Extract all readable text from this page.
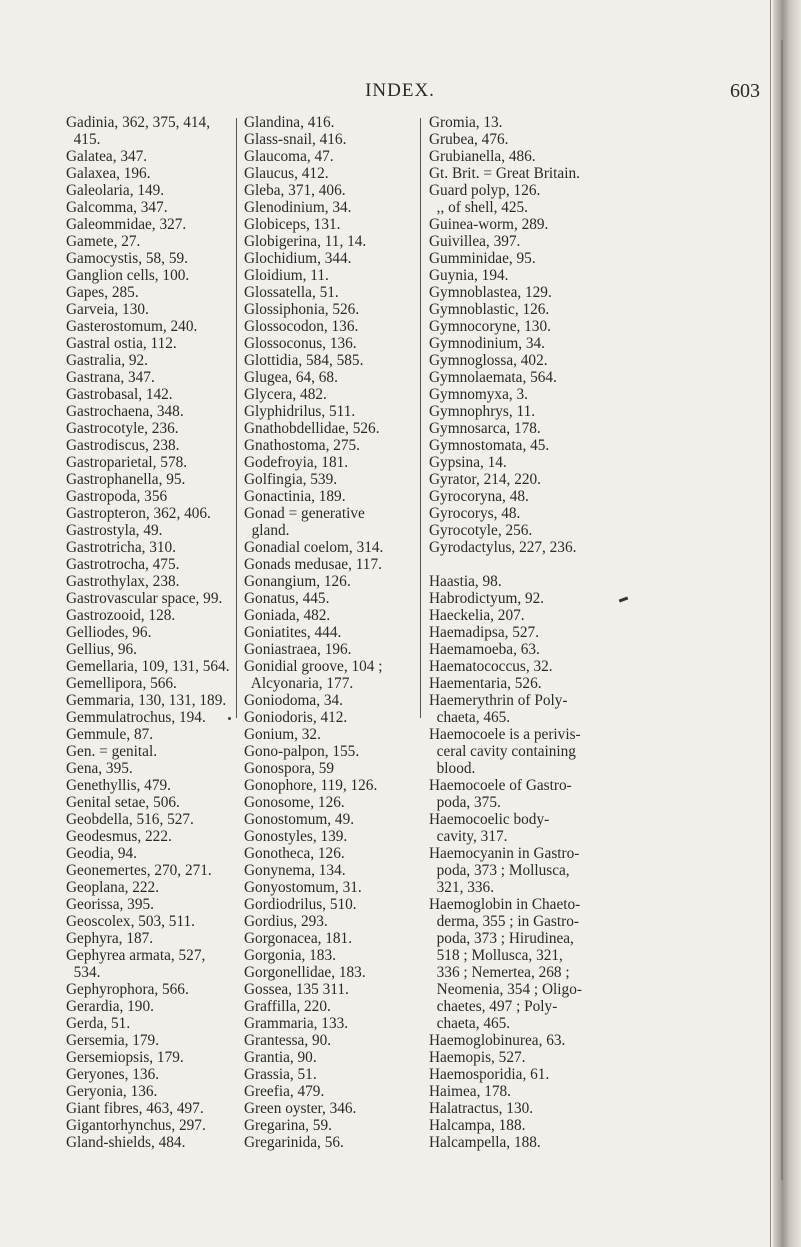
INDEX.	603
Gadinia, 362, 375, 414,
415.
Galatea, 347.
Galaxea, 196.
Galeolaria, 149.
Galcomma, 347.
Galeommidae, 327.
Gamete, 27.
Gamocystis, 58, 59.
Ganglion cells, 100.
Gapes, 285.
Garveia, 130.
Gasterostomum, 240.
Gastral ostia, 112.
Gastralia, 92.
Gastrana, 347.
Gastrobasal, 142.
Gastrochaena, 348.
Gastrocotyle, 236.
Gastrodiscus, 238.
Gastroparietal, 578.
Gastrophanella, 95.
Gastropoda, 356
Gastropteron, 362, 406.
Gastrostyla, 49.
Gastrotricha, 310.
Gastrotrocha, 475.
Gastrothylax, 238.
Gastrovascular space, 99.
Gastrozooid, 128.
Gelliodes, 96.
Gellius, 96.
Gemellaria, 109, 131, 564.
Gemellipora, 566.
Gemmaria, 130, 131, 189.
Gemmulatrochus, 194.
Gemmule, 87.
Gen. = genital.
Gena, 395.
Genethyllis, 479.
Genital setae, 506.
Geobdella, 516, 527.
Geodesmus, 222.
Geodia, 94.
Geonemertes, 270, 271.
Geoplana, 222.
Georissa, 395.
Geoscolex, 503, 511.
Gephyra, 187.
Gephyrea armata, 527,
534.
Gephyrophora, 566.
Gerardia, 190.
Gerda, 51.
Gersemia, 179.
Gersemiopsis, 179.
Geryones, 136.
Geryonia, 136.
Giant fibres, 463, 497.
Gigantorhynchus, 297.
Gland-shields, 484.
Glandina, 416.
Glass-snail, 416.
Glaucoma, 47.
Glaucus, 412.
Gleba, 371, 406.
Glenodinium, 34.
Globiceps, 131.
Globigerina, 11, 14.
Glochidium, 344.
Gloidium, 11.
Glossatella, 51.
Glossiphonia, 526.
Glossocodon, 136.
Glossoconus, 136.
Glottidia, 584, 585.
Glugea, 64, 68.
Glycera, 482.
Glyphidrilus, 511.
Gnathobdellidae, 526.
Gnathostoma, 275.
Godefroyia, 181.
Golfingia, 539.
Gonactinia, 189.
Gonad = generative
gland.
Gonadial coelom, 314.
Gonads medusae, 117.
Gonangium, 126.
Gonatus, 445.
Goniada, 482.
Goniatites, 444.
Goniastraea, 196.
Gonidial groove, 104 ;
Alcyonaria, 177.
Goniodoma, 34.
Goniodoris, 412.
Gonium, 32.
Gono-palpon, 155.
Gonospora, 59
Gonophore, 119, 126.
Gonosome, 126.
Gonostomum, 49.
Gonostyles, 139.
Gonotheca, 126.
Gonynema, 134.
Gonyostomum, 31.
Gordiodrilus, 510.
Gordius, 293.
Gorgonacea, 181.
Gorgonia, 183.
Gorgonellidae, 183.
Gossea, 135 311.
Graffilla, 220.
Grammaria, 133.
Grantessa, 90.
Grantia, 90.
Grassia, 51.
Greefia, 479.
Green oyster, 346.
Gregarina, 59.
Gregarinida, 56.
Gromia, 13.
Grubea, 476.
Grubianella, 486.
Gt. Brit. = Great Britain.
Guard polyp, 126.
,, of shell, 425.
Guinea-worm, 289.
Guivillea, 397.
Gumminidae, 95.
Guynia, 194.
Gymnoblastea, 129.
Gymnoblastic, 126.
Gymnocoryne, 130.
Gymnodinium, 34.
Gymnoglossa, 402.
Gymnolaemata, 564.
Gymnomyxa, 3.
Gymnophrys, 11.
Gymnosarca, 178.
Gymnostomata, 45.
Gypsina, 14.
Gyrator, 214, 220.
Gyrocoryna, 48.
Gyrocorys, 48.
Gyrocotyle, 256.
Gyrodactylus, 227, 236.
Haastia, 98.
Habrodictyum, 92.
Haeckelia, 207.
Haemadipsa, 527.
Haemamoeba, 63.
Haematococcus, 32.
Haementaria, 526.
Haemerythrin of Poly-
chaeta, 465.
Haemocoele is a perivis-
ceral cavity containing
blood.
Haemocoele of Gastro-
poda, 375.
Haemocoelic body-
cavity, 317.
Haemocyanin in Gastro-
poda, 373 ; Mollusca,
321, 336.
Haemoglobin in Chaeto-
derma, 355 ; in Gastro-
poda, 373 ; Hirudinea,
518 ; Mollusca, 321,
336 ; Nemertea, 268 ;
Neomenia, 354 ; Oligo-
chaetes, 497 ; Poly-
chaeta, 465.
Haemoglobinurea, 63.
Haemopis, 527.
Haemosporidia, 61.
Haimea, 178.
Halatractus, 130.
Halcampa, 188.
Halcampella, 188.
